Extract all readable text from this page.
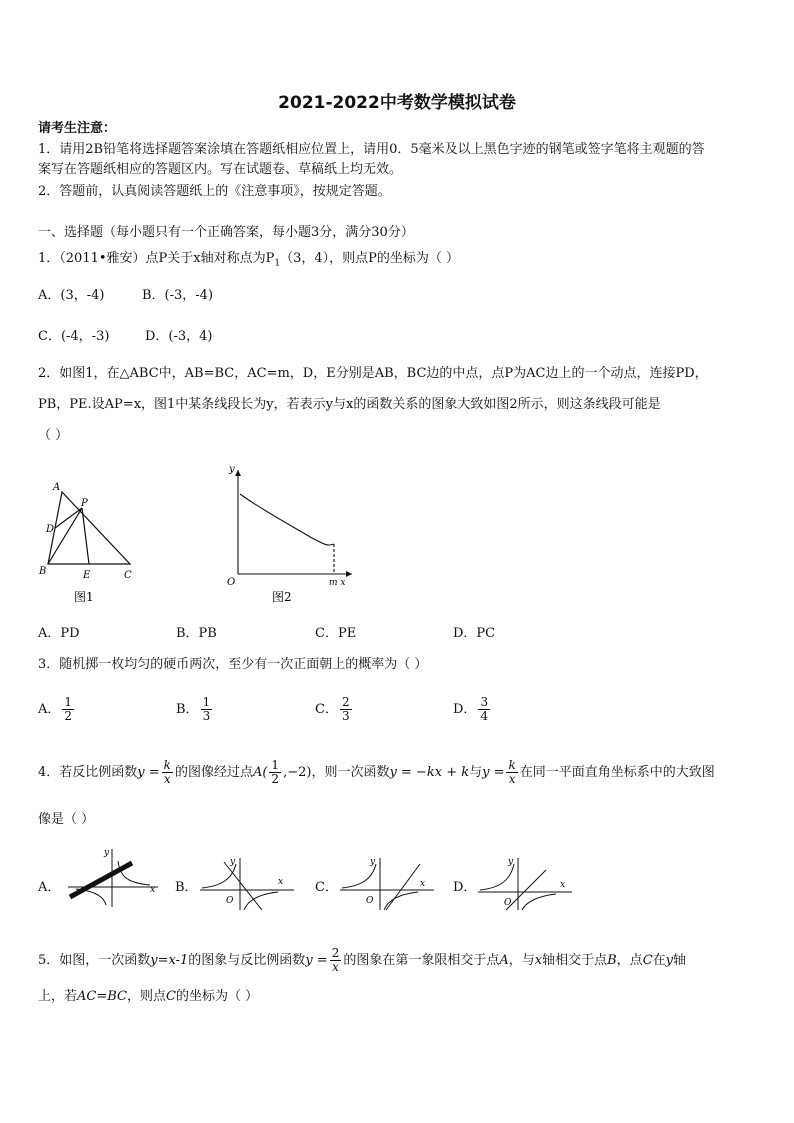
2021-2022中考数学模拟试卷
请考生注意：
1．请用2B铅笔将选择题答案涂填在答题纸相应位置上，请用0．5毫米及以上黑色字迹的钢笔或签字笔将主观题的答
案写在答题纸相应的答题区内。写在试题卷、草稿纸上均无效。
2．答题前，认真阅读答题纸上的《注意事项》，按规定答题。
一、选择题（每小题只有一个正确答案，每小题3分，满分30分）
1．（2011•雅安）点P关于x轴对称点为$P_1(3$，4），则点P的坐标为（ ）
A．(3，-4)	B．(-3，-4)
C．(-4，-3)	D．(-3，4)
2．如图1，在△ABC中，AB=BC，AC=m，D，E分别是AB，BC边的中点，点P为AC边上的一个动点，连接PD，
PB，PE.设AP=x，图1中某条线段长为y，若表示y与x的函数关系的图象大致如图2所示，则这条线段可能是
（ ）
A
P
D
B	E	C
图1
y
O	m x
图2
A．PD	B．PB	C．PE	D．PC
3．随机掷一枚均匀的硬币两次，至少有一次正面朝上的概率为（ ）
A． $\frac{1}{2}$	B． $\frac{1}{3}$	C． $\frac{2}{3}$	D． $\frac{3}{4}$
4．若反比例函数$y = \frac{k}{x}$ 的图像经过点$A( \frac{1}{2} ,-2)$，则一次函数y = −kx + k与$y = \frac{k}{x}$ 在同一平面直角坐标系中的大致图
像是（ ）
A．	x
y
B．	x
y
O
C．	x
y
O
D．	x
y
O
5．如图，一次函数y=x-1的图象与反比例函数$y = \frac{2}{x}$ 的图象在第一象限相交于点A，与x轴相交于点B，点C在y轴
上，若AC=BC，则点C的坐标为（ ）
